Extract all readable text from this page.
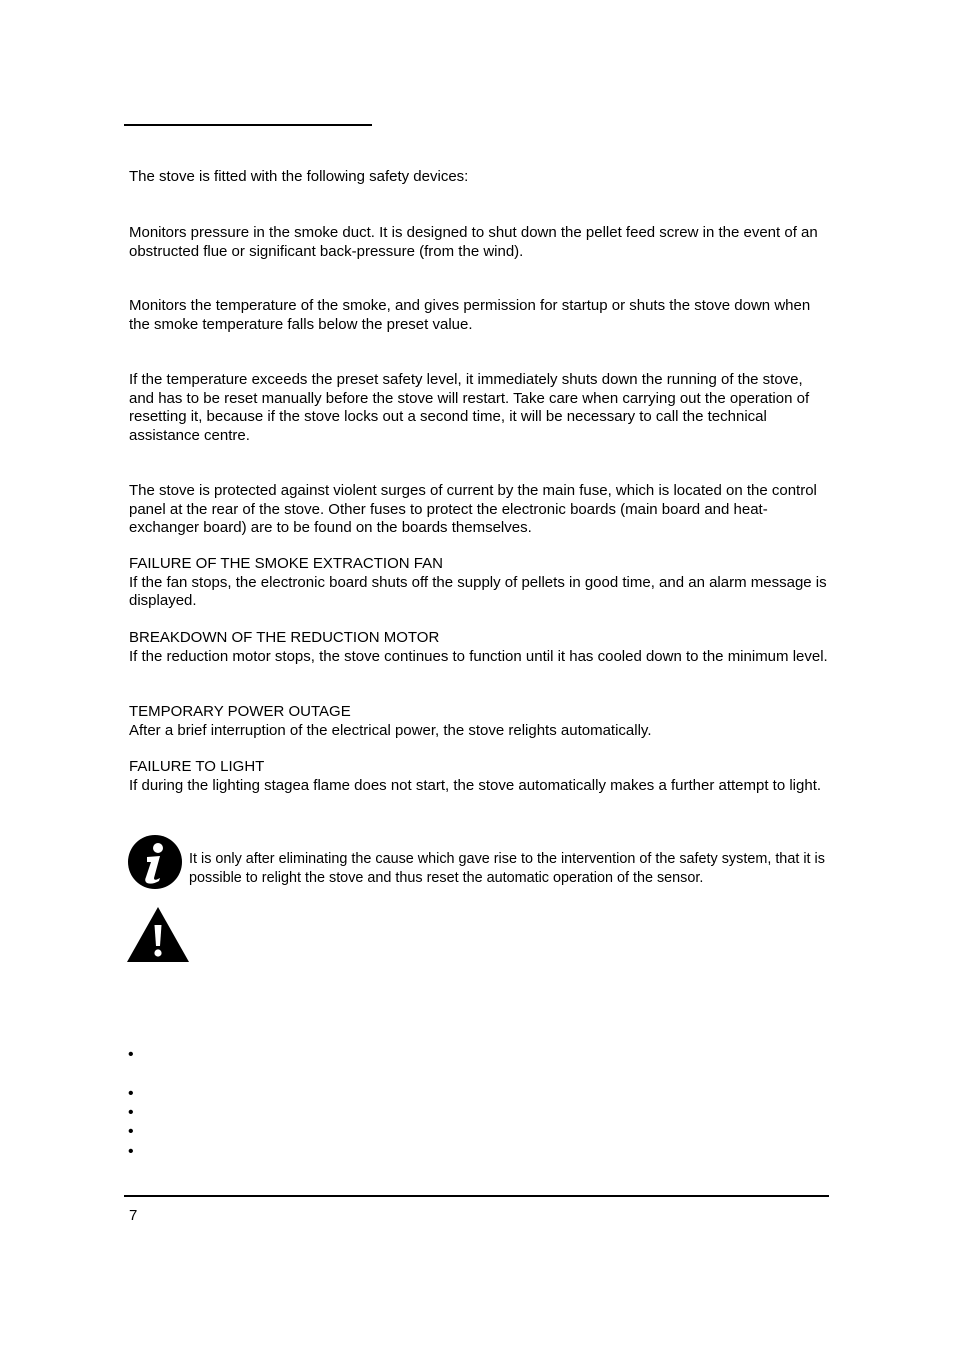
The stove is fitted with the following safety devices:

Monitors pressure in the smoke duct. It is designed to shut down the pellet feed screw in the event of an obstructed flue or significant back-pressure (from the wind).

Monitors the temperature of the smoke, and gives permission for startup or shuts the stove down when the smoke temperature falls below the preset value.

If the temperature exceeds the preset safety level, it immediately shuts down the running of the stove, and has to be reset manually before the stove will restart. Take care when carrying out the operation of resetting it, because if the stove locks out a second time, it will be necessary to call the technical assistance centre.

The stove is protected against violent surges of current by the main fuse, which is located on the control panel at the rear of the stove. Other fuses to protect the electronic boards (main board and heat-exchanger board) are to be found on the boards themselves.

FAILURE OF THE SMOKE EXTRACTION FAN
If the fan stops, the electronic board shuts off the supply of pellets in good time, and an alarm message is displayed.
BREAKDOWN OF THE REDUCTION MOTOR
If the reduction motor stops, the stove continues to function until it has cooled down to the minimum level.
TEMPORARY POWER OUTAGE
After a brief interruption of the electrical power, the stove relights automatically.
FAILURE TO LIGHT
If during the lighting stagea flame does not start, the stove automatically makes a further attempt to light.

It is only after eliminating the cause which gave rise to the intervention of the safety system, that it is possible to relight the stove and thus reset the automatic operation of the sensor.

•
•
•
•
•
7
